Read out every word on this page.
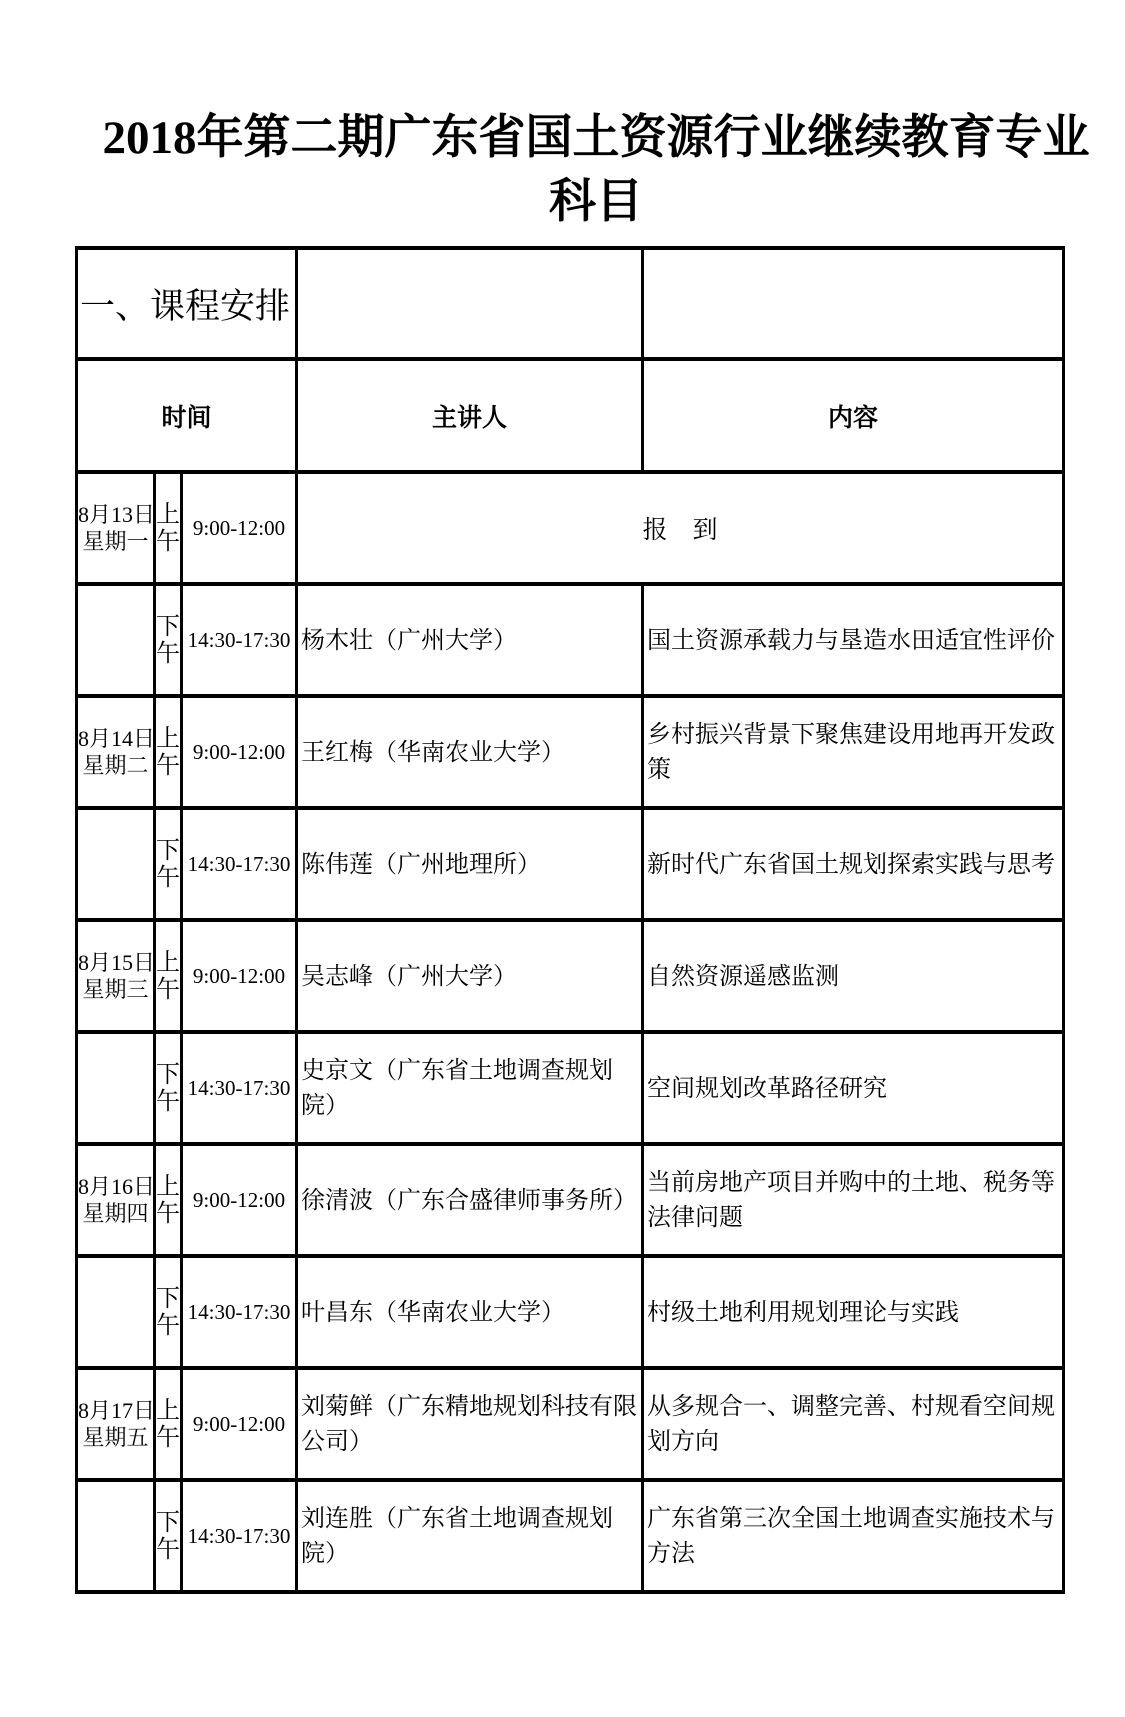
2018年第二期广东省国土资源行业继续教育专业
科目
一、课程安排				
时间			主讲人	内容

8月13日
星期一	上午	9:00-12:00	报　到	

	下午	14:30-17:30	杨木壮（广州大学）	国土资源承载力与垦造水田适宜性评价

8月14日
星期二	上午	9:00-12:00	王红梅（华南农业大学）	乡村振兴背景下聚焦建设用地再开发政策

	下午	14:30-17:30	陈伟莲（广州地理所）	新时代广东省国土规划探索实践与思考

8月15日
星期三	上午	9:00-12:00	吴志峰（广州大学）	自然资源遥感监测

	下午	14:30-17:30	史京文（广东省土地调查规划院）	空间规划改革路径研究

8月16日
星期四	上午	9:00-12:00	徐清波（广东合盛律师事务所）	当前房地产项目并购中的土地、税务等法律问题

	下午	14:30-17:30	叶昌东（华南农业大学）	村级土地利用规划理论与实践

8月17日
星期五	上午	9:00-12:00	刘菊鲜（广东精地规划科技有限公司）	从多规合一、调整完善、村规看空间规划方向

	下午	14:30-17:30	刘连胜（广东省土地调查规划院）	广东省第三次全国土地调查实施技术与方法
